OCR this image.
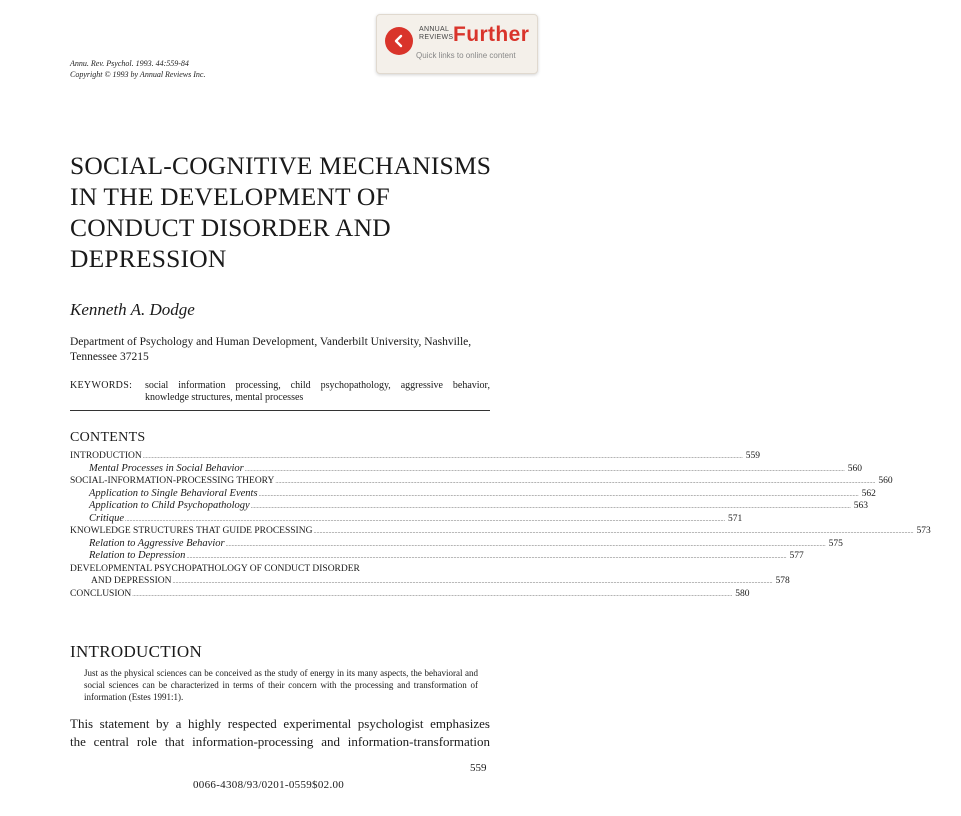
ANNUAL
REVIEWS Further
Quick links to online content
Annu. Rev. Psychol. 1993. 44:559-84
Copyright © 1993 by Annual Reviews Inc.
SOCIAL-COGNITIVE MECHANISMS
IN THE DEVELOPMENT OF
CONDUCT DISORDER AND
DEPRESSION
Kenneth A. Dodge
Department of Psychology and Human Development, Vanderbilt University, Nashville, Tennessee 37215
KEYWORDS: social information processing, child psychopathology, aggressive behavior, knowledge structures, mental processes
CONTENTS
INTRODUCTION ................................................................................................................................................................................................................................................................................................................................................................................................................ 559
Mental Processes in Social Behavior ................................................................................................................................................................................................................................................................................................................................................................................................................ 560
SOCIAL-INFORMATION-PROCESSING THEORY ................................................................................................................................................................................................................................................................................................................................................................................................................ 560
Application to Single Behavioral Events ................................................................................................................................................................................................................................................................................................................................................................................................................ 562
Application to Child Psychopathology ................................................................................................................................................................................................................................................................................................................................................................................................................ 563
Critique ................................................................................................................................................................................................................................................................................................................................................................................................................ 571
KNOWLEDGE STRUCTURES THAT GUIDE PROCESSING ................................................................................................................................................................................................................................................................................................................................................................................................................ 573
Relation to Aggressive Behavior ................................................................................................................................................................................................................................................................................................................................................................................................................ 575
Relation to Depression ................................................................................................................................................................................................................................................................................................................................................................................................................ 577
DEVELOPMENTAL PSYCHOPATHOLOGY OF CONDUCT DISORDER
AND DEPRESSION ................................................................................................................................................................................................................................................................................................................................................................................................................ 578
CONCLUSION ................................................................................................................................................................................................................................................................................................................................................................................................................ 580
INTRODUCTION
Just as the physical sciences can be conceived as the study of energy in its many aspects, the behavioral and social sciences can be characterized in terms of their concern with the processing and transformation of information (Estes 1991:1).
This statement by a highly respected experimental psychologist emphasizes
the central role that information-processing and information-transformation
559
0066-4308/93/0201-0559$02.00
